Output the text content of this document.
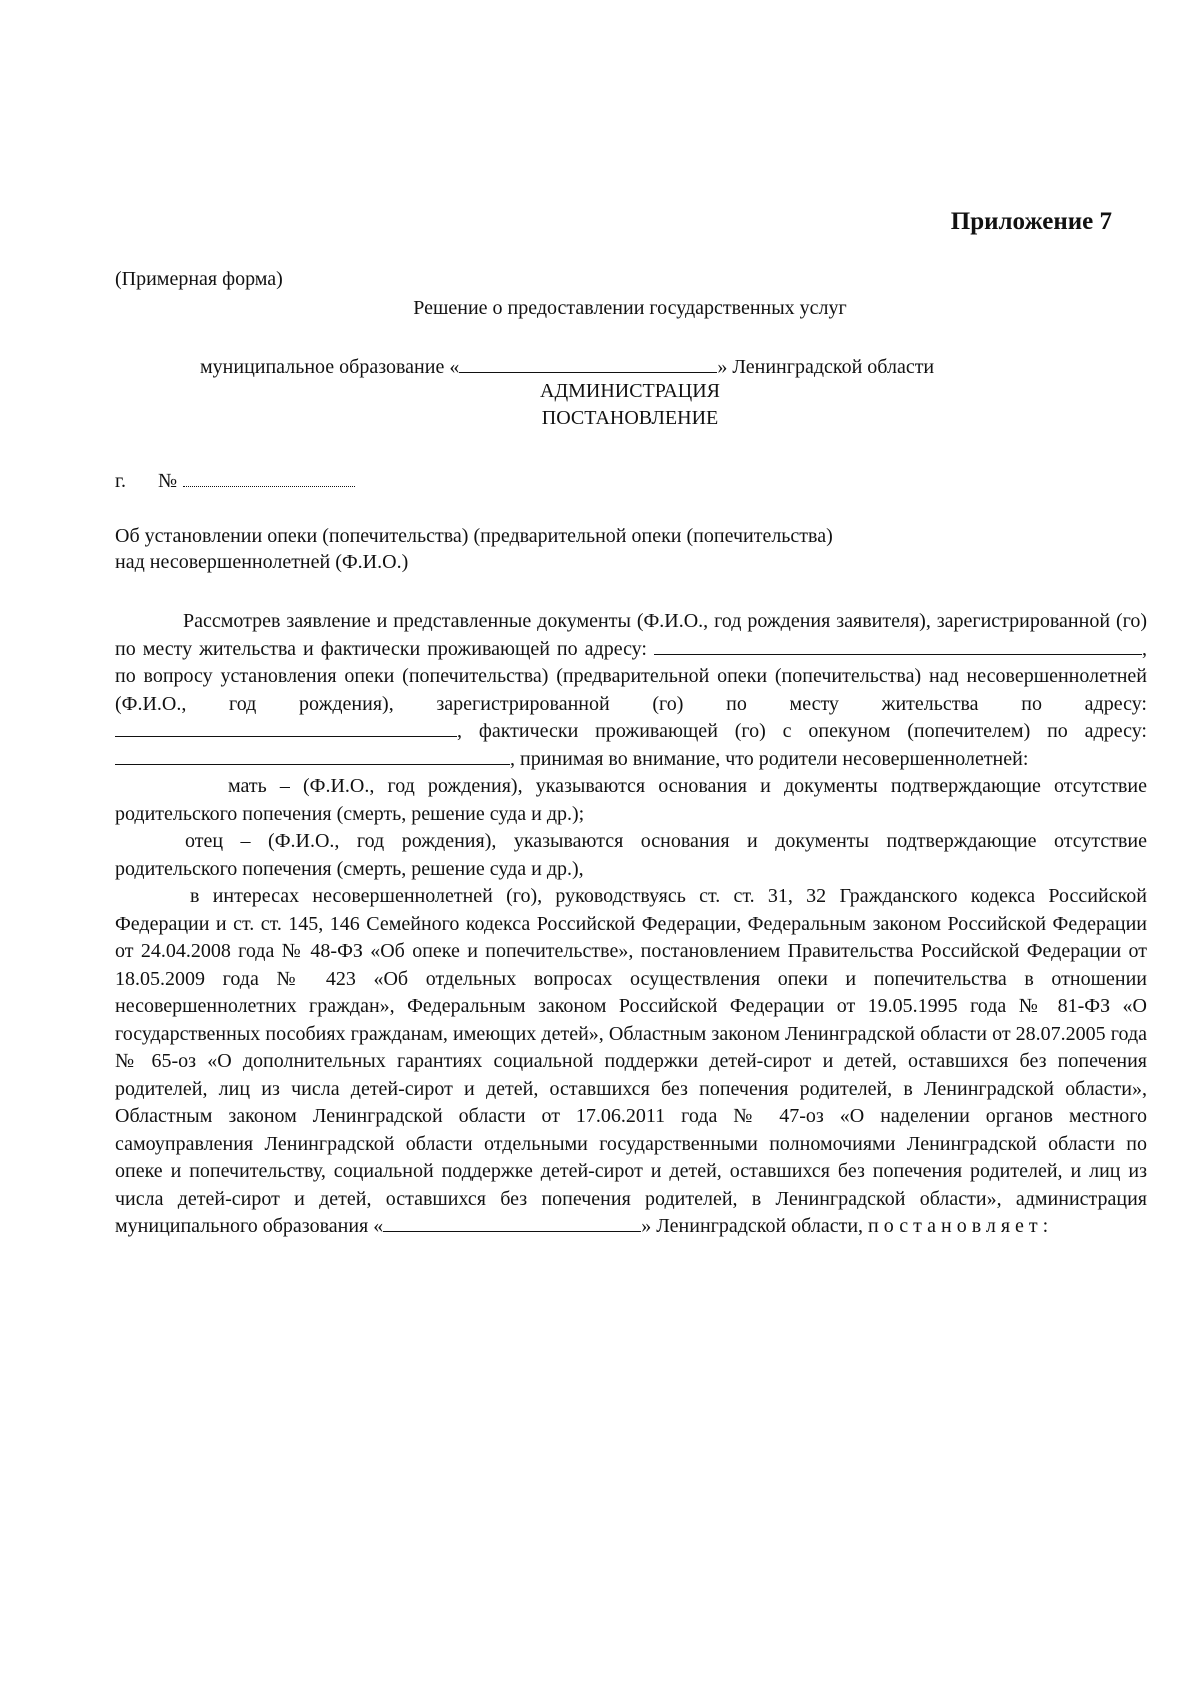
Приложение 7
(Примерная форма)
Решение о предоставлении государственных услуг
муниципальное образование «	» Ленинградской области
АДМИНИСТРАЦИЯ
ПОСТАНОВЛЕНИЕ
г. №
Об установлении опеки (попечительства) (предварительной опеки (попечительства)
над несовершеннолетней (Ф.И.О.)

Рассмотрев заявление и представленные документы (Ф.И.О., год рождения заявителя), зарегистрированной (го) по месту жительства и фактически проживающей по адресу:	, по вопросу установления опеки (попечительства) (предварительной опеки (попечительства) над несовершеннолетней (Ф.И.О., год рождения), зарегистрированной (го) по месту жительства по адресу: , фактически проживающей (го) с опекуном (попечителем) по адресу: , принимая во внимание, что родители несовершеннолетней:

мать – (Ф.И.О., год рождения), указываются основания и документы подтверждающие отсутствие родительского попечения (смерть, решение суда и др.);

отец – (Ф.И.О., год рождения), указываются основания и документы подтверждающие отсутствие родительского попечения (смерть, решение суда и др.),

в интересах несовершеннолетней (го), руководствуясь ст. ст. 31, 32 Гражданского кодекса Российской Федерации и ст. ст. 145, 146 Семейного кодекса Российской Федерации, Федеральным законом Российской Федерации от 24.04.2008 года № 48-ФЗ «Об опеке и попечительстве», постановлением Правительства Российской Федерации от 18.05.2009 года № 423 «Об отдельных вопросах осуществления опеки и попечительства в отношении несовершеннолетних граждан», Федеральным законом Российской Федерации от 19.05.1995 года № 81-ФЗ «О государственных пособиях гражданам, имеющих детей», Областным законом Ленинградской области от 28.07.2005 года № 65-оз «О дополнительных гарантиях социальной поддержки детей-сирот и детей, оставшихся без попечения родителей, лиц из числа детей-сирот и детей, оставшихся без попечения родителей, в Ленинградской области», Областным законом Ленинградской области от 17.06.2011 года № 47-оз «О наделении органов местного самоуправления Ленинградской области отдельными государственными полномочиями Ленинградской области по опеке и попечительству, социальной поддержке детей-сирот и детей, оставшихся без попечения родителей, и лиц из числа детей-сирот и детей, оставшихся без попечения родителей, в Ленинградской области», администрация муниципального образования «	» Ленинградской области, постановляет:
